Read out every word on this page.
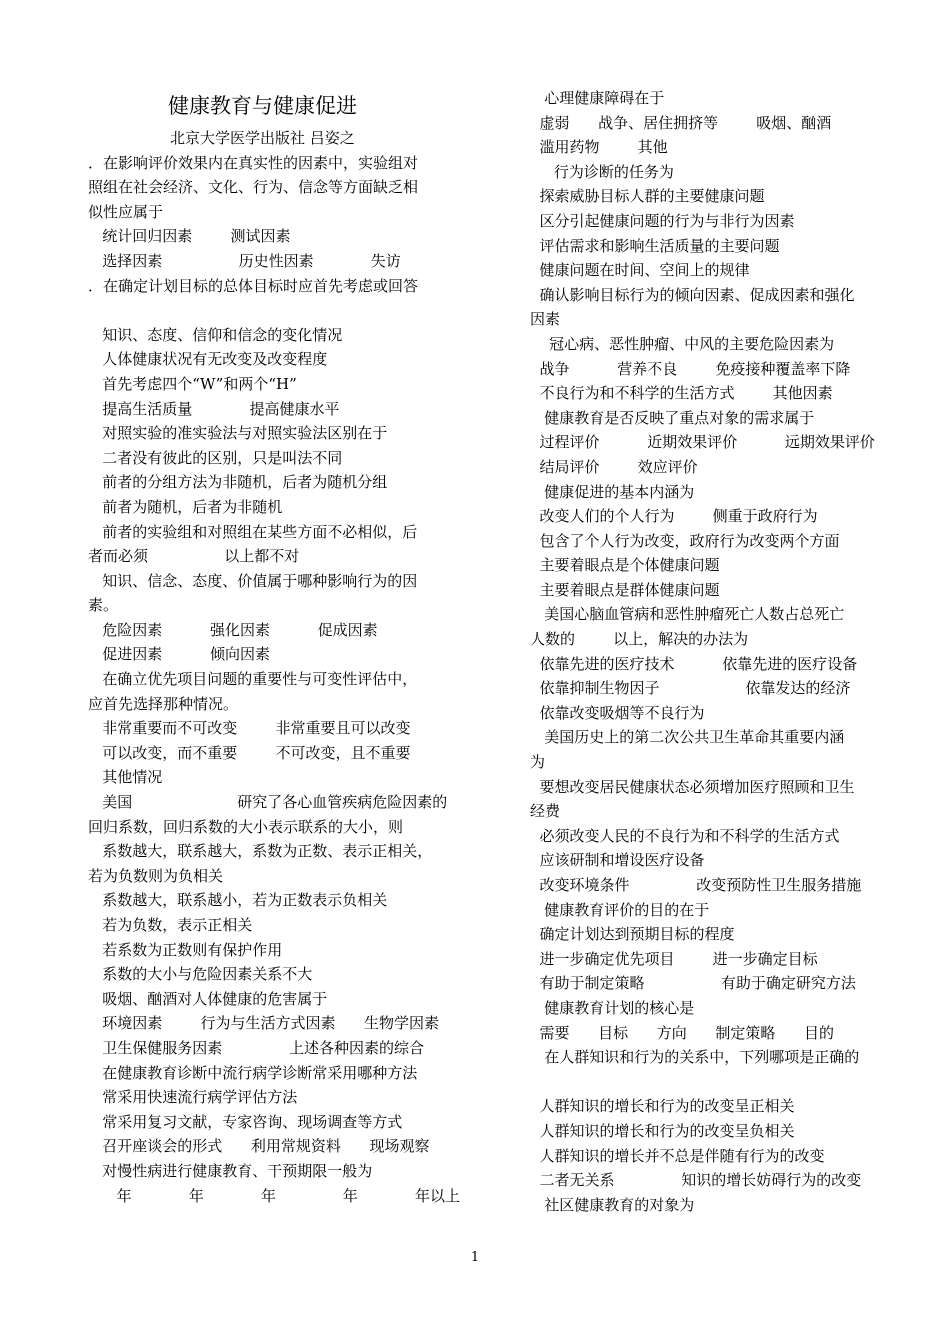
健康教育与健康促进
北京大学医学出版社 吕姿之
．在影响评价效果内在真实性的因素中，实验组对
照组在社会经济、文化、行为、信念等方面缺乏相
似性应属于
统计回归因素        测试因素
选择因素                历史性因素            失访
．在确定计划目标的总体目标时应首先考虑或回答
知识、态度、信仰和信念的变化情况
人体健康状况有无改变及改变程度
首先考虑四个“W”和两个“H”
提高生活质量            提高健康水平
对照实验的准实验法与对照实验法区别在于
二者没有彼此的区别，只是叫法不同
前者的分组方法为非随机，后者为随机分组
前者为随机，后者为非随机
前者的实验组和对照组在某些方面不必相似，后
者而必须                以上都不对
知识、信念、态度、价值属于哪种影响行为的因
素。
危险因素          强化因素          促成因素
促进因素          倾向因素
在确立优先项目问题的重要性与可变性评估中，
应首先选择那种情况。
非常重要而不可改变        非常重要且可以改变
可以改变，而不重要        不可改变，且不重要
其他情况
美国                      研究了各心血管疾病危险因素的
回归系数，回归系数的大小表示联系的大小，则
系数越大，联系越大，系数为正数、表示正相关，
若为负数则为负相关
系数越大，联系越小，若为正数表示负相关
若为负数，表示正相关
若系数为正数则有保护作用
系数的大小与危险因素关系不大
吸烟、酗酒对人体健康的危害属于
环境因素        行为与生活方式因素      生物学因素
卫生保健服务因素              上述各种因素的综合
在健康教育诊断中流行病学诊断常采用哪种方法
常采用快速流行病学评估方法
常采用复习文献，专家咨询、现场调查等方式
召开座谈会的形式      利用常规资料      现场观察
对慢性病进行健康教育、干预期限一般为
年            年            年              年            年以上
心理健康障碍在于
虚弱      战争、居住拥挤等        吸烟、酗酒
滥用药物        其他
行为诊断的任务为
探索威胁目标人群的主要健康问题
区分引起健康问题的行为与非行为因素
评估需求和影响生活质量的主要问题
健康问题在时间、空间上的规律
确认影响目标行为的倾向因素、促成因素和强化
因素
冠心病、恶性肿瘤、中风的主要危险因素为
战争          营养不良        免疫接种覆盖率下降
不良行为和不科学的生活方式        其他因素
健康教育是否反映了重点对象的需求属于
过程评价          近期效果评价          远期效果评价
结局评价        效应评价
健康促进的基本内涵为
改变人们的个人行为        侧重于政府行为
包含了个人行为改变，政府行为改变两个方面
主要着眼点是个体健康问题
主要着眼点是群体健康问题
美国心脑血管病和恶性肿瘤死亡人数占总死亡
人数的        以上，解决的办法为
依靠先进的医疗技术          依靠先进的医疗设备
依靠抑制生物因子                  依靠发达的经济
依靠改变吸烟等不良行为
美国历史上的第二次公共卫生革命其重要内涵
为
要想改变居民健康状态必须增加医疗照顾和卫生
经费
必须改变人民的不良行为和不科学的生活方式
应该研制和增设医疗设备
改变环境条件              改变预防性卫生服务措施
健康教育评价的目的在于
确定计划达到预期目标的程度
进一步确定优先项目        进一步确定目标
有助于制定策略                有助于确定研究方法
健康教育计划的核心是
需要      目标      方向      制定策略      目的
在人群知识和行为的关系中，下列哪项是正确的
人群知识的增长和行为的改变呈正相关
人群知识的增长和行为的改变呈负相关
人群知识的增长并不总是伴随有行为的改变
二者无关系              知识的增长妨碍行为的改变
社区健康教育的对象为
1
